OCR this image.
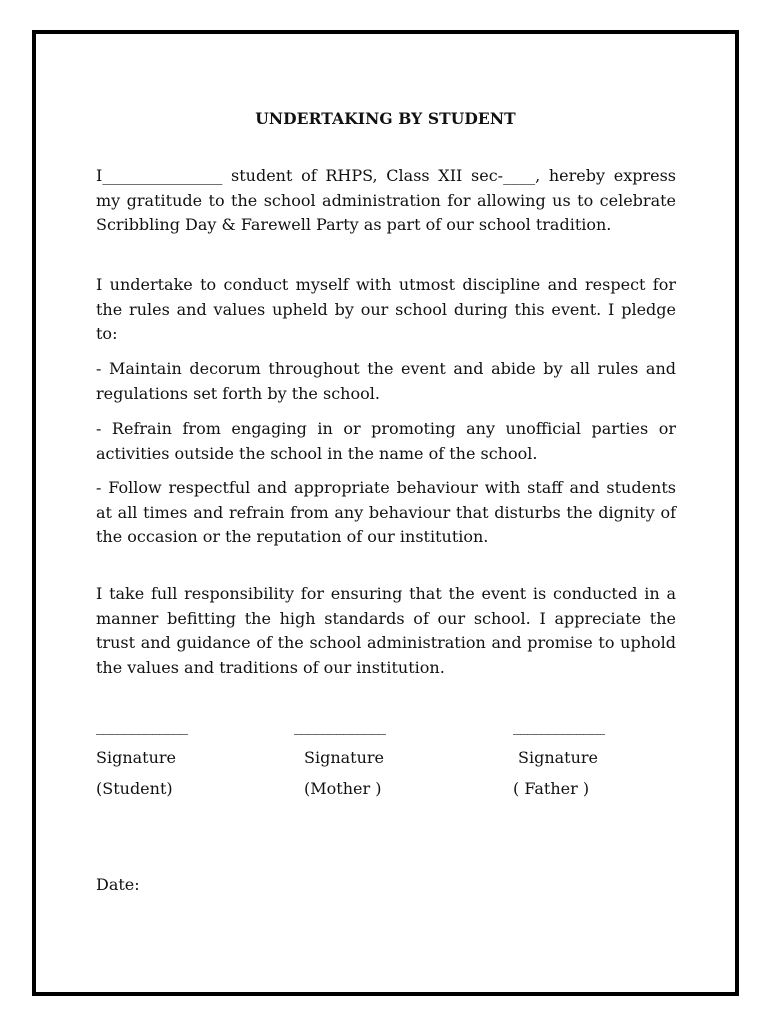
UNDERTAKING BY STUDENT

I_______________ student of RHPS, Class XII sec-____, hereby express my gratitude to the school administration for allowing us to celebrate Scribbling Day & Farewell Party as part of our school tradition.

I undertake to conduct myself with utmost discipline and respect for the rules and values upheld by our school during this event. I pledge to:

- Maintain decorum throughout the event and abide by all rules and regulations set forth by the school.

- Refrain from engaging in or promoting any unofficial parties or activities outside the school in the name of the school.

- Follow respectful and appropriate behaviour with staff and students at all times and refrain from any behaviour that disturbs the dignity of the occasion or the reputation of our institution.

I take full responsibility for ensuring that the event is conducted in a manner befitting the high standards of our school. I appreciate the trust and guidance of the school administration and promise to uphold the values and traditions of our institution.

_____________	_____________	_____________
Signature	Signature	Signature
(Student)	(Mother )	( Father )
Date:
